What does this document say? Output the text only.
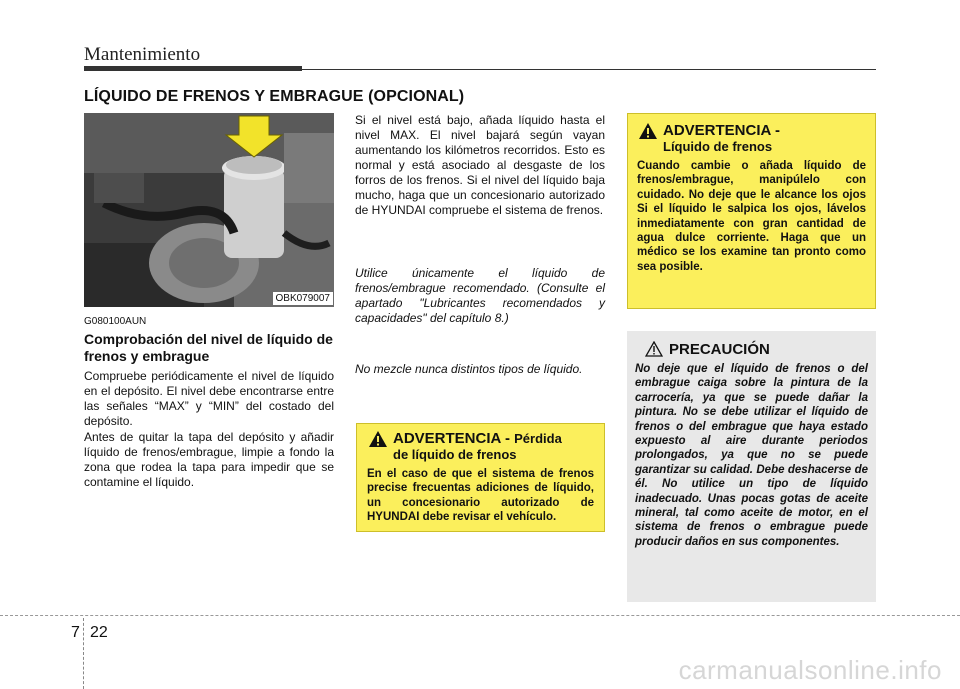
Mantenimiento
LÍQUIDO DE FRENOS Y EMBRAGUE (OPCIONAL)
OBK079007
G080100AUN
Comprobación del nivel de líquido de frenos y embrague
Compruebe periódicamente el nivel de líquido en el depósito. El nivel debe encontrarse entre las señales “MAX” y “MIN” del costado del depósito.
Antes de quitar la tapa del depósito y añadir líquido de frenos/embrague, limpie a fondo la zona que rodea la tapa para impedir que se contamine el líquido.
Si el nivel está bajo, añada líquido hasta el nivel MAX. El nivel bajará según vayan aumentando los kilómetros recorridos. Esto es normal y está asociado al desgaste de los forros de los frenos. Si el nivel del líquido baja mucho, haga que un concesionario autorizado de HYUNDAI compruebe el sistema de frenos.
Utilice únicamente el líquido de frenos/embrague recomendado. (Consulte el apartado "Lubricantes recomendados y capacidades" del capítulo 8.)
No mezcle nunca distintos tipos de líquido.
ADVERTENCIA - Pérdida
de líquido de frenos
En el caso de que el sistema de frenos precise frecuentas adiciones de líquido, un concesionario autorizado de HYUNDAI debe revisar el vehículo.
ADVERTENCIA -
Líquido de frenos
Cuando cambie o añada líquido de frenos/embrague, manipúlelo con cuidado. No deje que le alcance los ojos Si el líquido le salpica los ojos, lávelos inmediatamente con gran cantidad de agua dulce corriente. Haga que un médico se los examine tan pronto como sea posible.
PRECAUCIÓN
No deje que el líquido de frenos o del embrague caiga sobre la pintura de la carrocería, ya que se puede dañar la pintura. No se debe utilizar el líquido de frenos o del embrague que haya estado expuesto al aire durante periodos prolongados, ya que no se puede garantizar su calidad. Debe deshacerse de él. No utilice un tipo de líquido inadecuado. Unas pocas gotas de aceite mineral, tal como aceite de motor, en el sistema de frenos o embrague puede producir daños en sus componentes.
7 22
carmanualsonline.info
